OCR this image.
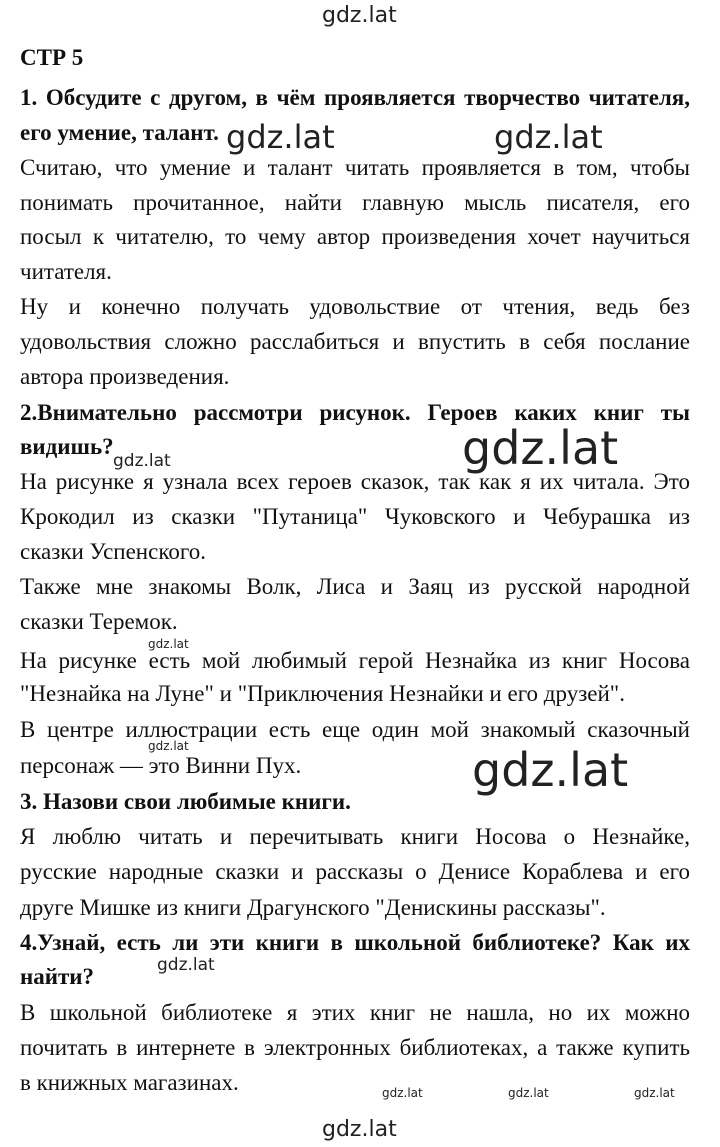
СТР 5
1. Обсудите с другом, в чём проявляется творчество читателя,
его умение, талант.
Считаю, что умение и талант читать проявляется в том, чтобы
понимать прочитанное, найти главную мысль писателя, его
посыл к читателю, то чему автор произведения хочет научиться
читателя.
Ну и конечно получать удовольствие от чтения, ведь без
удовольствия сложно расслабиться и впустить в себя послание
автора произведения.
2.Внимательно рассмотри рисунок. Героев каких книг ты
видишь?
На рисунке я узнала всех героев сказок, так как я их читала. Это
Крокодил из сказки "Путаница" Чуковского и Чебурашка из
сказки Успенского.
Также мне знакомы Волк, Лиса и Заяц из русской народной
сказки Теремок.
На рисунке есть мой любимый герой Незнайка из книг Носова
"Незнайка на Луне" и "Приключения Незнайки и его друзей".
В центре иллюстрации есть еще один мой знакомый сказочный
персонаж — это Винни Пух.
3. Назови свои любимые книги.
Я люблю читать и перечитывать книги Носова о Незнайке,
русские народные сказки и рассказы о Денисе Кораблева и его
друге Мишке из книги Драгунского "Денискины рассказы".
4.Узнай, есть ли эти книги в школьной библиотеке? Как их
найти?
В школьной библиотеке я этих книг не нашла, но их можно
почитать в интернете в электронных библиотеках, а также купить
в книжных магазинах.
gdz.lat
gdz.lat	gdz.lat
gdz.lat
gdz.lat
gdz.lat
gdz.lat	gdz.lat
gdz.lat
gdz.lat	gdz.lat	gdz.lat
gdz.lat
